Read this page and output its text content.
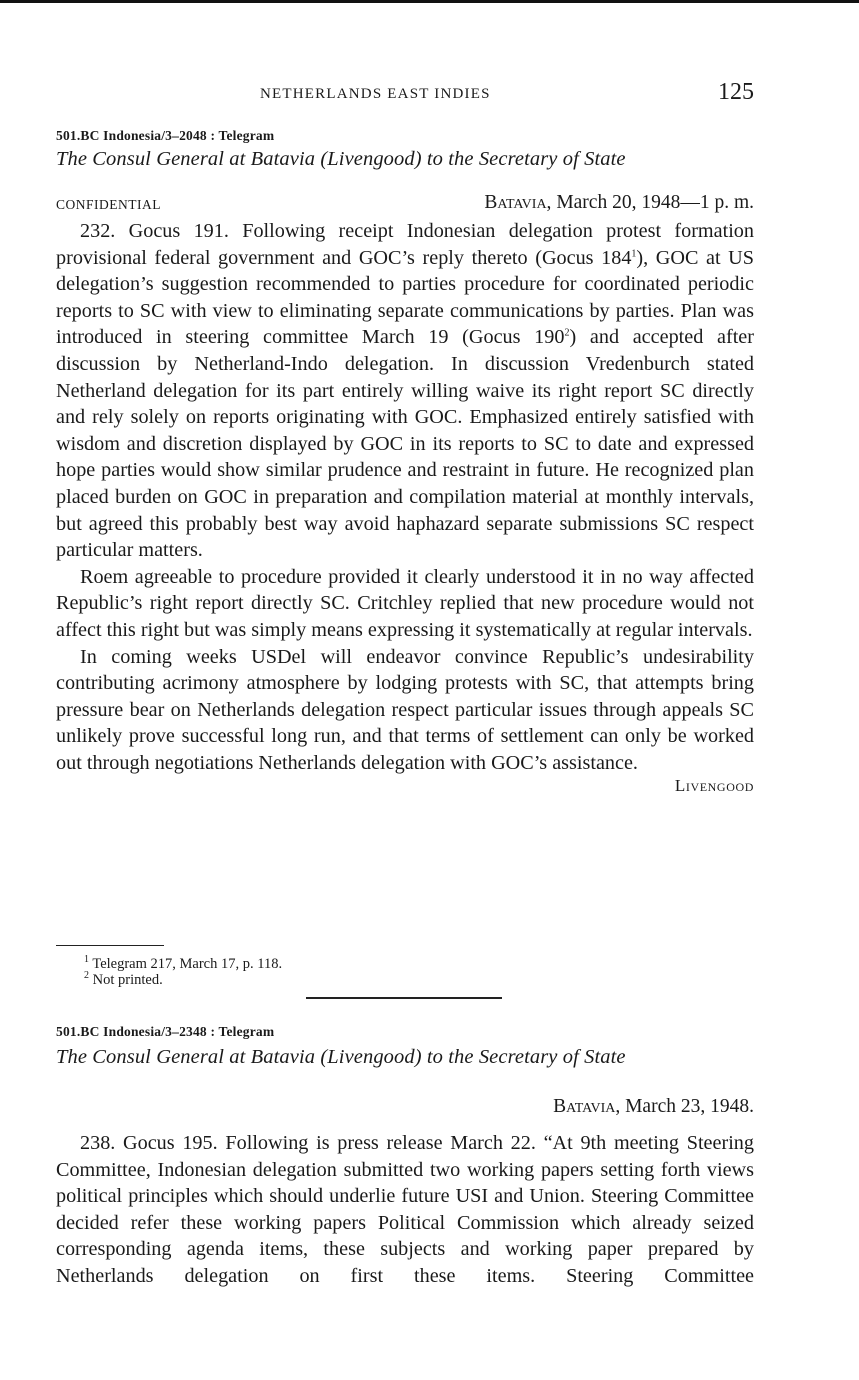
NETHERLANDS EAST INDIES	125
501.BC Indonesia/3–2048 : Telegram
The Consul General at Batavia (Livengood) to the Secretary of State
CONFIDENTIAL	Batavia, March 20, 1948—1 p. m.

232. Gocus 191. Following receipt Indonesian delegation protest formation provisional federal government and GOC’s reply thereto (Gocus $184^1$), GOC at US delegation’s suggestion recommended to parties procedure for coordinated periodic reports to SC with view to eliminating separate communications by parties. Plan was introduced in steering committee March 19 (Gocus $190^2$) and accepted after discussion by Netherland-Indo delegation. In discussion Vredenburch stated Netherland delegation for its part entirely willing waive its right report SC directly and rely solely on reports originating with GOC. Emphasized entirely satisfied with wisdom and discretion displayed by GOC in its reports to SC to date and expressed hope parties would show similar prudence and restraint in future. He recognized plan placed burden on GOC in preparation and compilation material at monthly intervals, but agreed this probably best way avoid haphazard separate submissions SC respect particular matters.

Roem agreeable to procedure provided it clearly understood it in no way affected Republic’s right report directly SC. Critchley replied that new procedure would not affect this right but was simply means expressing it systematically at regular intervals.

In coming weeks USDel will endeavor convince Republic’s undesirability contributing acrimony atmosphere by lodging protests with SC, that attempts bring pressure bear on Netherlands delegation respect particular issues through appeals SC unlikely prove successful long run, and that terms of settlement can only be worked out through negotiations Netherlands delegation with GOC’s assistance.

Livengood
$^1$ Telegram 217, March 17, p. 118.
$^2$ Not printed.
501.BC Indonesia/3–2348 : Telegram
The Consul General at Batavia (Livengood) to the Secretary of State
Batavia, March 23, 1948.

238. Gocus 195. Following is press release March 22. “At 9th meeting Steering Committee, Indonesian delegation submitted two working papers setting forth views political principles which should underlie future USI and Union. Steering Committee decided refer these working papers Political Commission which already seized corresponding agenda items, these subjects and working paper prepared by Netherlands delegation on first these items. Steering Committee
